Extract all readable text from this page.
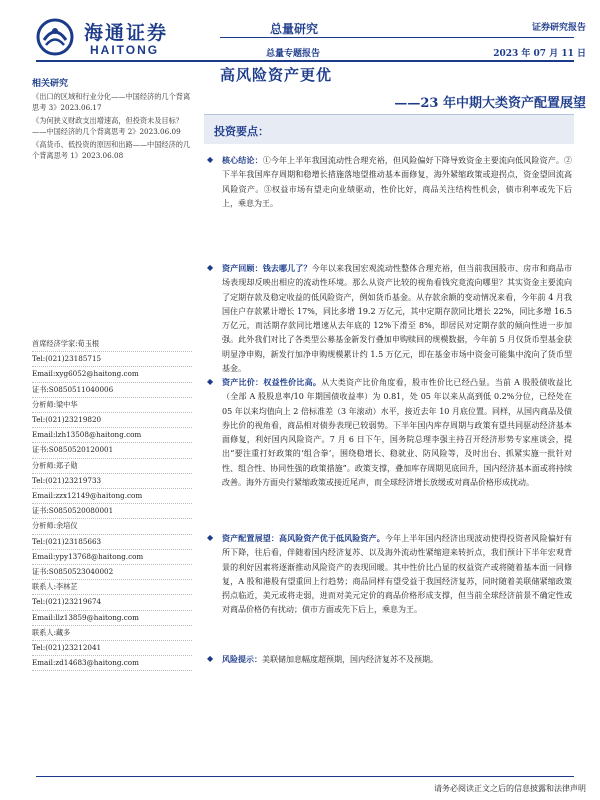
海通证券
HAITONG
总量研究
总量专题报告
证券研究报告
2023 年 07 月 11 日
高风险资产更优
——23 年中期大类资产配置展望
相关研究
《出口的区域和行业分化——中国经济的几个背离思考 3》2023.06.17
《为何狭义财政支出增速高，但投资未及目标？——中国经济的几个背离思考 2》2023.06.09
《高货币、低投资的原因和出路——中国经济的几个背离思考 1》2023.06.08
首席经济学家:荀玉根
Tel:(021)23185715
Email:xyg6052@haitong.com
证书:S0850511040006
分析师:梁中华
Tel:(021)23219820
Email:lzh13508@haitong.com
证书:S0850520120001
分析师:郑子勋
Tel:(021)23219733
Email:zzx12149@haitong.com
证书:S0850520080001
分析师:余培仪
Tel:(021)23185663
Email:ypy13768@haitong.com
证书:S0850523040002
联系人:李林芷
Tel:(021)23219674
Email:llz13859@haitong.com
联系人:藏多
Tel:(021)23212041
Email:zd14683@haitong.com
投资要点：
◆ 核心结论：①今年上半年我国流动性合理充裕，但风险偏好下降导致资金主要流向低风险资产。②下半年我国库存周期和稳增长措施落地望推动基本面修复，海外紧缩政策或迎拐点，资金望回流高风险资产。③权益市场有望走向业绩驱动，性价比好，商品关注结构性机会，债市利率或先下后上，乘息为王。
◆ 资产回顾：钱去哪儿了？今年以来我国宏观流动性整体合理充裕，但当前我国股市、房市和商品市场表现却反映出相应的流动性环境。那么从资产比较的视角看钱究竟流向哪里？其实资金主要流向了定期存款及稳定收益的低风险资产，例如货币基金。从存款余额的变动情况来看，今年前 4 月我国住户存款累计增长 17%，同比多增 19.2 万亿元，其中定期存款同比增长 22%，同比多增 16.5 万亿元，而活期存款同比增速从去年底的 12%下滑至 8%，即居民对定期存款的倾向性进一步加强。此外我们对比了各类型公募基金新发行叠加申购赎回的规模数据，今年前 5 月仅货币型基金获明显净申购，新发行加净申购规模累计约 1.5 万亿元，即在基金市场中资金可能集中流向了货币型基金。
◆ 资产比价：权益性价比高。从大类资产比价角度看，股市性价比已经凸显。当前 A 股股债收益比（全部 A 股股息率/10 年期国债收益率）为 0.81，处 05 年以来从高到低 0.2%分位，已经处在 05 年以来均值向上 2 倍标准差（3 年滚动）水平，接近去年 10 月底位置。同样，从国内商品及债券比价的视角看，商品相对债券表现已较弱势。下半年国内库存周期与政策有望共同驱动经济基本面修复，利好国内风险资产。7 月 6 日下午，国务院总理李强主持召开经济形势专家座谈会，提出“要注重打好政策的‘组合拳’，围绕稳增长、稳就业、防风险等，及时出台、抓紧实施一批针对性、组合性、协同性强的政策措施”。政策支撑，叠加库存周期见底回升，国内经济基本面或将持续改善。海外方面央行紧缩政策或接近尾声，而全球经济增长放缓或对商品价格形成扰动。
◆ 资产配置展望：高风险资产优于低风险资产。今年上半年国内经济出现波动使得投资者风险偏好有所下降，往后看，伴随着国内经济复苏、以及海外流动性紧缩迎来转折点，我们预计下半年宏观背景的利好因素将逐渐推动风险资产的表现回暖。其中性价比凸显的权益资产或将随着基本面一同修复，A 股和港股有望重回上行趋势；商品同样有望受益于我国经济复苏，同时随着美联储紧缩政策拐点临近，美元或将走弱，进而对美元定价的商品价格形成支撑，但当前全球经济前景不确定性或对商品价格仍有扰动；债市方面或先下后上，乘息为王。
◆ 风险提示：美联储加息幅度超预期，国内经济复苏不及预期。
请务必阅读正文之后的信息披露和法律声明
